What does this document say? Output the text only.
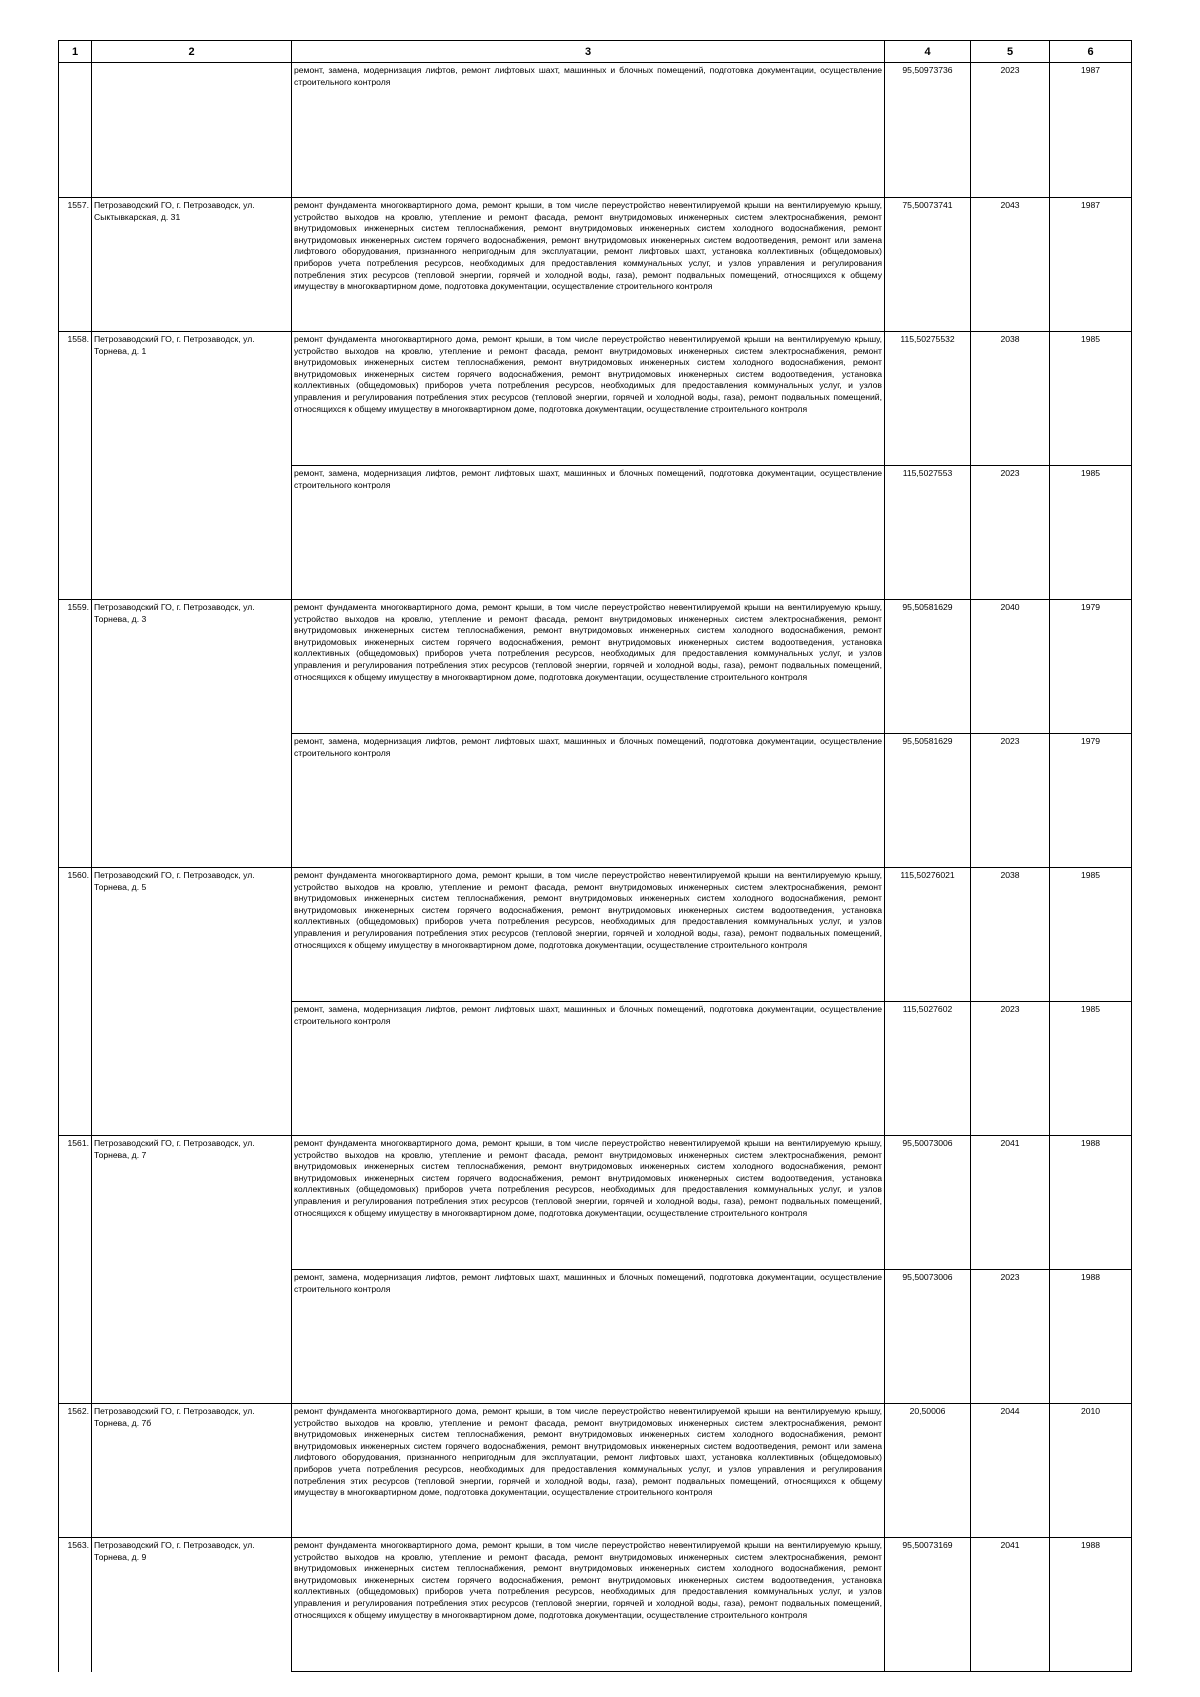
1	2	3	4	5	6
		ремонт, замена, модернизация лифтов, ремонт лифтовых шахт, машинных и блочных помещений, подготовка документации, осуществление строительного контроля	95,50973736	2023	1987
1557.	Петрозаводский ГО, г. Петрозаводск, ул. Сыктывкарская, д. 31	ремонт фундамента многоквартирного дома, ремонт крыши, в том числе переустройство невентилируемой крыши на вентилируемую крышу, устройство выходов на кровлю, утепление и ремонт фасада, ремонт внутридомовых инженерных систем электроснабжения, ремонт внутридомовых инженерных систем теплоснабжения, ремонт внутридомовых инженерных систем холодного водоснабжения, ремонт внутридомовых инженерных систем горячего водоснабжения, ремонт внутридомовых инженерных систем водоотведения, ремонт или замена лифтового оборудования, признанного непригодным для эксплуатации, ремонт лифтовых шахт, установка коллективных (общедомовых) приборов учета потребления ресурсов, необходимых для предоставления коммунальных услуг, и узлов управления и регулирования потребления этих ресурсов (тепловой энергии, горячей и холодной воды, газа), ремонт подвальных помещений, относящихся к общему имуществу в многоквартирном доме, подготовка документации, осуществление строительного контроля	75,50073741	2043	1987
1558.	Петрозаводский ГО, г. Петрозаводск, ул. Торнева, д. 1	ремонт фундамента многоквартирного дома, ремонт крыши, в том числе переустройство невентилируемой крыши на вентилируемую крышу, устройство выходов на кровлю, утепление и ремонт фасада, ремонт внутридомовых инженерных систем электроснабжения, ремонт внутридомовых инженерных систем теплоснабжения, ремонт внутридомовых инженерных систем холодного водоснабжения, ремонт внутридомовых инженерных систем горячего водоснабжения, ремонт внутридомовых инженерных систем водоотведения, установка коллективных (общедомовых) приборов учета потребления ресурсов, необходимых для предоставления коммунальных услуг, и узлов управления и регулирования потребления этих ресурсов (тепловой энергии, горячей и холодной воды, газа), ремонт подвальных помещений, относящихся к общему имуществу в многоквартирном доме, подготовка документации, осуществление строительного контроля	115,50275532	2038	1985
		ремонт, замена, модернизация лифтов, ремонт лифтовых шахт, машинных и блочных помещений, подготовка документации, осуществление строительного контроля	115,5027553	2023	1985
1559.	Петрозаводский ГО, г. Петрозаводск, ул. Торнева, д. 3	ремонт фундамента многоквартирного дома, ремонт крыши, в том числе переустройство невентилируемой крыши на вентилируемую крышу, устройство выходов на кровлю, утепление и ремонт фасада, ремонт внутридомовых инженерных систем электроснабжения, ремонт внутридомовых инженерных систем теплоснабжения, ремонт внутридомовых инженерных систем холодного водоснабжения, ремонт внутридомовых инженерных систем горячего водоснабжения, ремонт внутридомовых инженерных систем водоотведения, установка коллективных (общедомовых) приборов учета потребления ресурсов, необходимых для предоставления коммунальных услуг, и узлов управления и регулирования потребления этих ресурсов (тепловой энергии, горячей и холодной воды, газа), ремонт подвальных помещений, относящихся к общему имуществу в многоквартирном доме, подготовка документации, осуществление строительного контроля	95,50581629	2040	1979
		ремонт, замена, модернизация лифтов, ремонт лифтовых шахт, машинных и блочных помещений, подготовка документации, осуществление строительного контроля	95,50581629	2023	1979
1560.	Петрозаводский ГО, г. Петрозаводск, ул. Торнева, д. 5	ремонт фундамента многоквартирного дома, ремонт крыши, в том числе переустройство невентилируемой крыши на вентилируемую крышу, устройство выходов на кровлю, утепление и ремонт фасада, ремонт внутридомовых инженерных систем электроснабжения, ремонт внутридомовых инженерных систем теплоснабжения, ремонт внутридомовых инженерных систем холодного водоснабжения, ремонт внутридомовых инженерных систем горячего водоснабжения, ремонт внутридомовых инженерных систем водоотведения, установка коллективных (общедомовых) приборов учета потребления ресурсов, необходимых для предоставления коммунальных услуг, и узлов управления и регулирования потребления этих ресурсов (тепловой энергии, горячей и холодной воды, газа), ремонт подвальных помещений, относящихся к общему имуществу в многоквартирном доме, подготовка документации, осуществление строительного контроля	115,50276021	2038	1985
		ремонт, замена, модернизация лифтов, ремонт лифтовых шахт, машинных и блочных помещений, подготовка документации, осуществление строительного контроля	115,5027602	2023	1985
1561.	Петрозаводский ГО, г. Петрозаводск, ул. Торнева, д. 7	ремонт фундамента многоквартирного дома, ремонт крыши, в том числе переустройство невентилируемой крыши на вентилируемую крышу, устройство выходов на кровлю, утепление и ремонт фасада, ремонт внутридомовых инженерных систем электроснабжения, ремонт внутридомовых инженерных систем теплоснабжения, ремонт внутридомовых инженерных систем холодного водоснабжения, ремонт внутридомовых инженерных систем горячего водоснабжения, ремонт внутридомовых инженерных систем водоотведения, установка коллективных (общедомовых) приборов учета потребления ресурсов, необходимых для предоставления коммунальных услуг, и узлов управления и регулирования потребления этих ресурсов (тепловой энергии, горячей и холодной воды, газа), ремонт подвальных помещений, относящихся к общему имуществу в многоквартирном доме, подготовка документации, осуществление строительного контроля	95,50073006	2041	1988
		ремонт, замена, модернизация лифтов, ремонт лифтовых шахт, машинных и блочных помещений, подготовка документации, осуществление строительного контроля	95,50073006	2023	1988
1562.	Петрозаводский ГО, г. Петрозаводск, ул. Торнева, д. 7б	ремонт фундамента многоквартирного дома, ремонт крыши, в том числе переустройство невентилируемой крыши на вентилируемую крышу, устройство выходов на кровлю, утепление и ремонт фасада, ремонт внутридомовых инженерных систем электроснабжения, ремонт внутридомовых инженерных систем теплоснабжения, ремонт внутридомовых инженерных систем холодного водоснабжения, ремонт внутридомовых инженерных систем горячего водоснабжения, ремонт внутридомовых инженерных систем водоотведения, ремонт или замена лифтового оборудования, признанного непригодным для эксплуатации, ремонт лифтовых шахт, установка коллективных (общедомовых) приборов учета потребления ресурсов, необходимых для предоставления коммунальных услуг, и узлов управления и регулирования потребления этих ресурсов (тепловой энергии, горячей и холодной воды, газа), ремонт подвальных помещений, относящихся к общему имуществу в многоквартирном доме, подготовка документации, осуществление строительного контроля	20,50006	2044	2010
1563.	Петрозаводский ГО, г. Петрозаводск, ул. Торнева, д. 9	ремонт фундамента многоквартирного дома, ремонт крыши, в том числе переустройство невентилируемой крыши на вентилируемую крышу, устройство выходов на кровлю, утепление и ремонт фасада, ремонт внутридомовых инженерных систем электроснабжения, ремонт внутридомовых инженерных систем теплоснабжения, ремонт внутридомовых инженерных систем холодного водоснабжения, ремонт внутридомовых инженерных систем горячего водоснабжения, ремонт внутридомовых инженерных систем водоотведения, установка коллективных (общедомовых) приборов учета потребления ресурсов, необходимых для предоставления коммунальных услуг, и узлов управления и регулирования потребления этих ресурсов (тепловой энергии, горячей и холодной воды, газа), ремонт подвальных помещений, относящихся к общему имуществу в многоквартирном доме, подготовка документации, осуществление строительного контроля	95,50073169	2041	1988
